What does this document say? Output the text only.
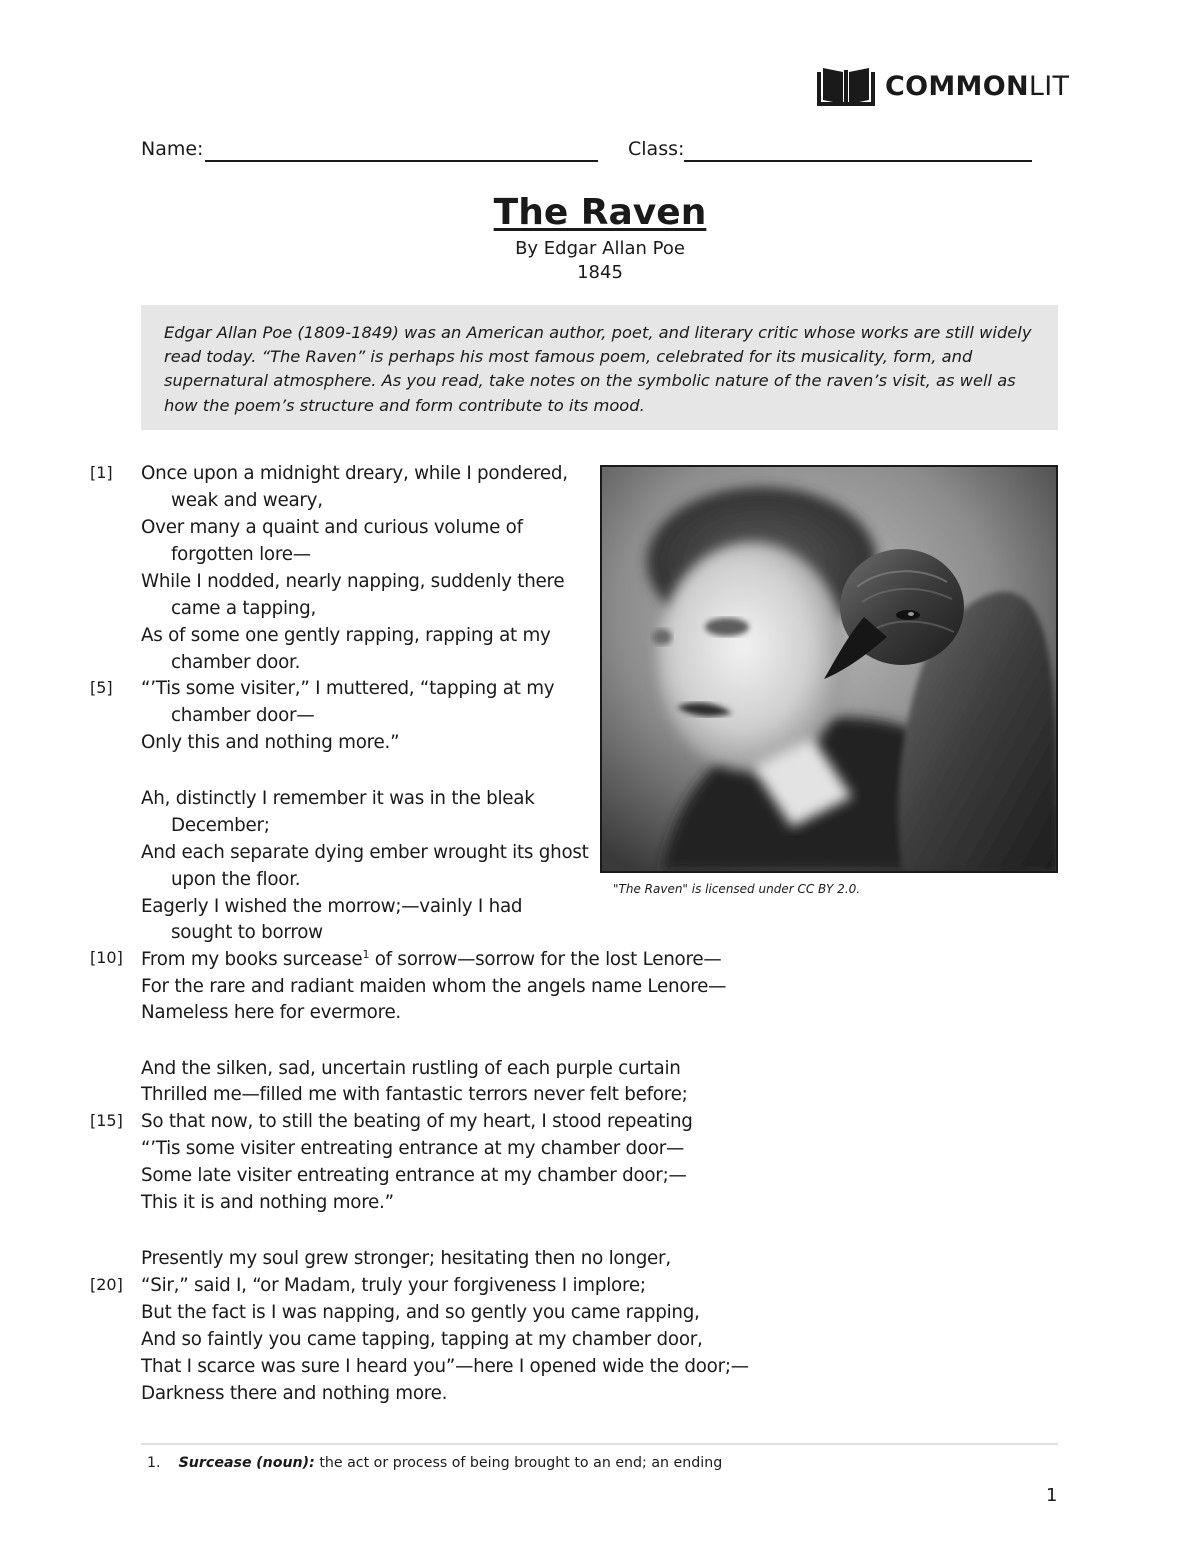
COMMONLIT
Name:	Class:
The Raven
By Edgar Allan Poe
1845
Edgar Allan Poe (1809-1849) was an American author, poet, and literary critic whose works are still widely read today. “The Raven” is perhaps his most famous poem, celebrated for its musicality, form, and supernatural atmosphere. As you read, take notes on the symbolic nature of the raven’s visit, as well as how the poem’s structure and form contribute to its mood.
[1]
[5]
[10]
[15]
[20]
Once upon a midnight dreary, while I pondered,
weak and weary,
Over many a quaint and curious volume of
forgotten lore—
While I nodded, nearly napping, suddenly there
came a tapping,
As of some one gently rapping, rapping at my
chamber door.
“’Tis some visiter,” I muttered, “tapping at my
chamber door—
Only this and nothing more.”
Ah, distinctly I remember it was in the bleak
December;
And each separate dying ember wrought its ghost
upon the floor.
Eagerly I wished the morrow;—vainly I had
sought to borrow
From my books surcease$^1$ of sorrow—sorrow for the lost Lenore—
For the rare and radiant maiden whom the angels name Lenore—
Nameless here for evermore.
And the silken, sad, uncertain rustling of each purple curtain
Thrilled me—filled me with fantastic terrors never felt before;
So that now, to still the beating of my heart, I stood repeating
“’Tis some visiter entreating entrance at my chamber door—
Some late visiter entreating entrance at my chamber door;—
This it is and nothing more.”
Presently my soul grew stronger; hesitating then no longer,
“Sir,” said I, “or Madam, truly your forgiveness I implore;
But the fact is I was napping, and so gently you came rapping,
And so faintly you came tapping, tapping at my chamber door,
That I scarce was sure I heard you”—here I opened wide the door;—
Darkness there and nothing more.
"The Raven" is licensed under CC BY 2.0.
1. Surcease (noun): the act or process of being brought to an end; an ending
1
